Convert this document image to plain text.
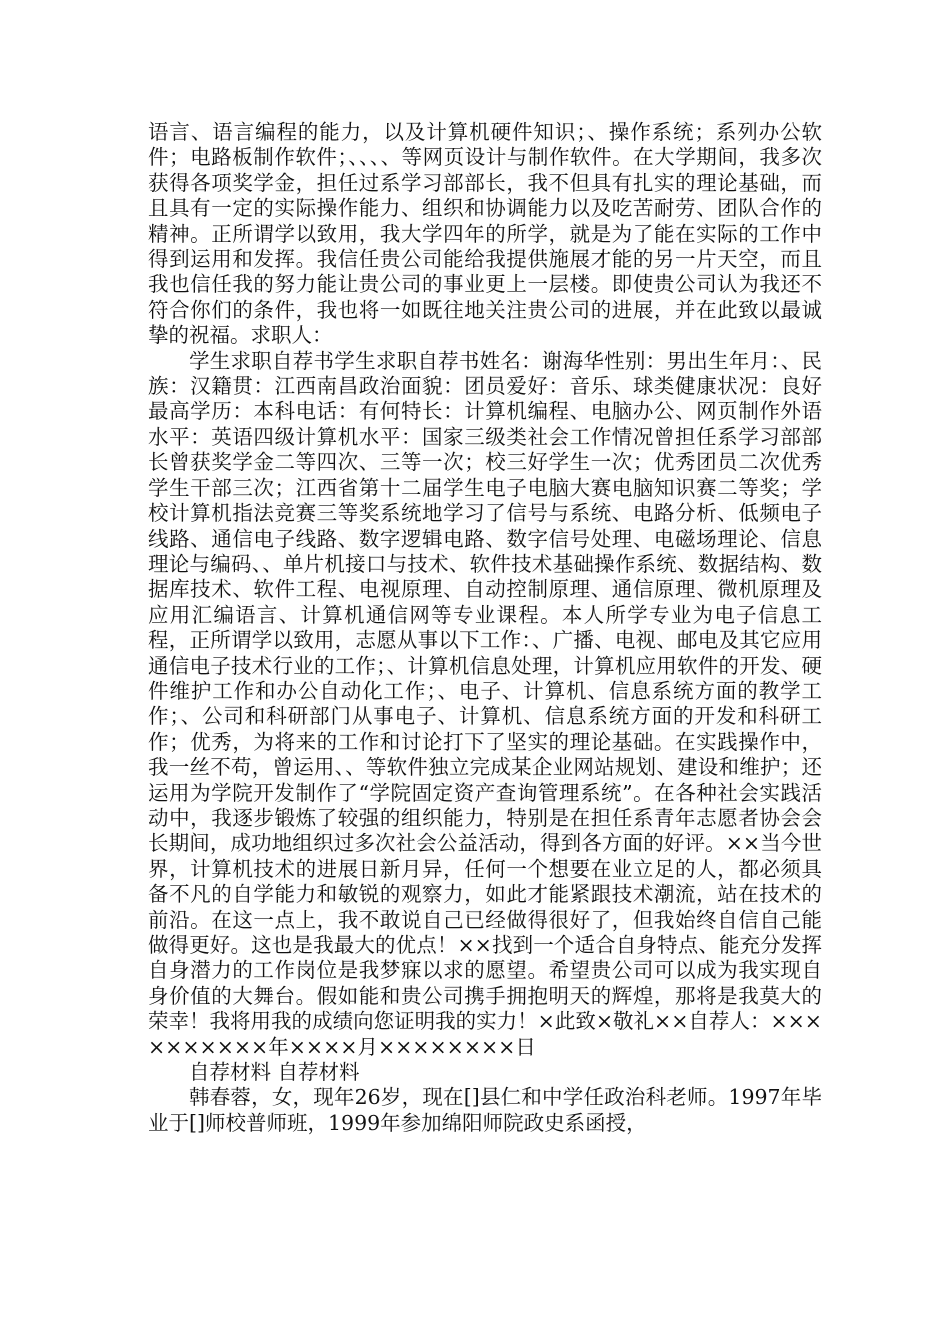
语言、语言编程的能力，以及计算机硬件知识；、操作系统；系列办公软件；电路板制作软件；、、、、等网页设计与制作软件。在大学期间，我多次获得各项奖学金，担任过系学习部部长，我不但具有扎实的理论基础，而且具有一定的实际操作能力、组织和协调能力以及吃苦耐劳、团队合作的精神。正所谓学以致用，我大学四年的所学，就是为了能在实际的工作中得到运用和发挥。我信任贵公司能给我提供施展才能的另一片天空，而且我也信任我的努力能让贵公司的事业更上一层楼。即使贵公司认为我还不符合你们的条件，我也将一如既往地关注贵公司的进展，并在此致以最诚挚的祝福。求职人：

学生求职自荐书学生求职自荐书姓名：谢海华性别：男出生年月：、民族：汉籍贯：江西南昌政治面貌：团员爱好：音乐、球类健康状况：良好最高学历：本科电话：有何特长：计算机编程、电脑办公、网页制作外语水平：英语四级计算机水平：国家三级类社会工作情况曾担任系学习部部长曾获奖学金二等四次、三等一次；校三好学生一次；优秀团员二次优秀学生干部三次；江西省第十二届学生电子电脑大赛电脑知识赛二等奖；学校计算机指法竞赛三等奖系统地学习了信号与系统、电路分析、低频电子线路、通信电子线路、数字逻辑电路、数字信号处理、电磁场理论、信息理论与编码、、单片机接口与技术、软件技术基础操作系统、数据结构、数据库技术、软件工程、电视原理、自动控制原理、通信原理、微机原理及应用汇编语言、计算机通信网等专业课程。本人所学专业为电子信息工程，正所谓学以致用，志愿从事以下工作：、广播、电视、邮电及其它应用通信电子技术行业的工作；、计算机信息处理，计算机应用软件的开发、硬件维护工作和办公自动化工作；、电子、计算机、信息系统方面的教学工作；、公司和科研部门从事电子、计算机、信息系统方面的开发和科研工作；优秀，为将来的工作和讨论打下了坚实的理论基础。在实践操作中，我一丝不苟，曾运用、、等软件独立完成某企业网站规划、建设和维护；还运用为学院开发制作了“学院固定资产查询管理系统”。在各种社会实践活动中，我逐步锻炼了较强的组织能力，特别是在担任系青年志愿者协会会长期间，成功地组织过多次社会公益活动，得到各方面的好评。××当今世界，计算机技术的进展日新月异，任何一个想要在业立足的人，都必须具备不凡的自学能力和敏锐的观察力，如此才能紧跟技术潮流，站在技术的前沿。在这一点上，我不敢说自己已经做得很好了，但我始终自信自己能做得更好。这也是我最大的优点！××找到一个适合自身特点、能充分发挥自身潜力的工作岗位是我梦寐以求的愿望。希望贵公司可以成为我实现自身价值的大舞台。假如能和贵公司携手拥抱明天的辉煌，那将是我莫大的荣幸！我将用我的成绩向您证明我的实力！×此致×敬礼××自荐人：××××××××××年××××月××××××××日

自荐材料 自荐材料

韩春蓉，女，现年26岁，现在[]县仁和中学任政治科老师。1997年毕业于[]师校普师班，1999年参加绵阳师院政史系函授，
